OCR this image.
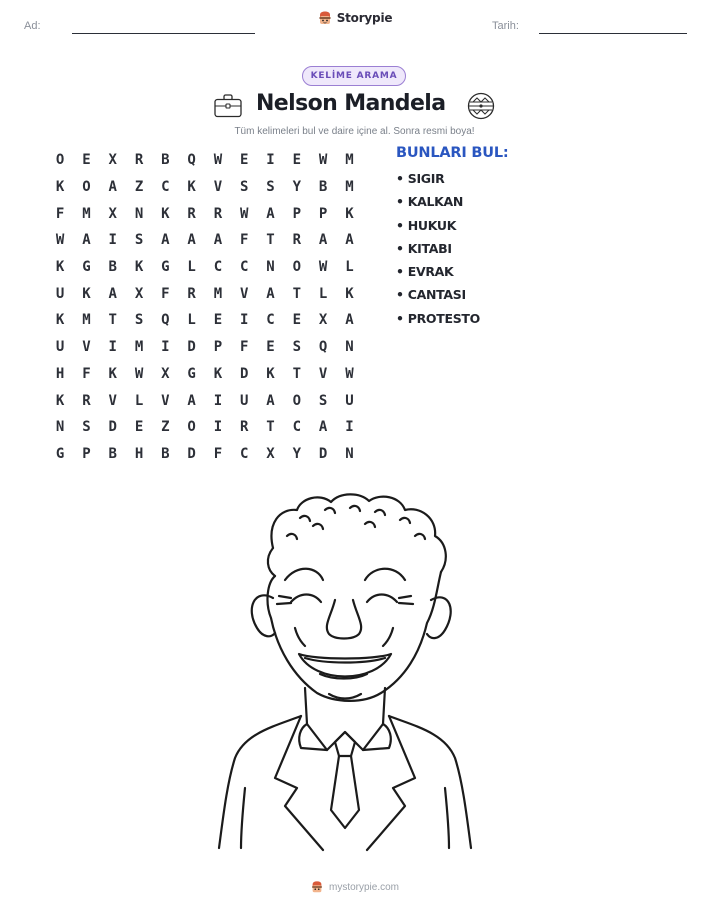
Ad:	Tarih:
Storypie
KELİME ARAMA
Nelson Mandela
Tüm kelimeleri bul ve daire içine al. Sonra resmi boya!
O	E	X	R	B	Q	W	E	I	E	W	M
K	O	A	Z	C	K	V	S	S	Y	B	M
F	M	X	N	K	R	R	W	A	P	P	K
W	A	I	S	A	A	A	F	T	R	A	A
K	G	B	K	G	L	C	C	N	O	W	L
U	K	A	X	F	R	M	V	A	T	L	K
K	M	T	S	Q	L	E	I	C	E	X	A
U	V	I	M	I	D	P	F	E	S	Q	N
H	F	K	W	X	G	K	D	K	T	V	W
K	R	V	L	V	A	I	U	A	O	S	U
N	S	D	E	Z	O	I	R	T	C	A	I
G	P	B	H	B	D	F	C	X	Y	D	N
BUNLARI BUL:
• SIGIR
• KALKAN
• HUKUK
• KITABI
• EVRAK
• CANTASI
• PROTESTO
mystorypie.com
